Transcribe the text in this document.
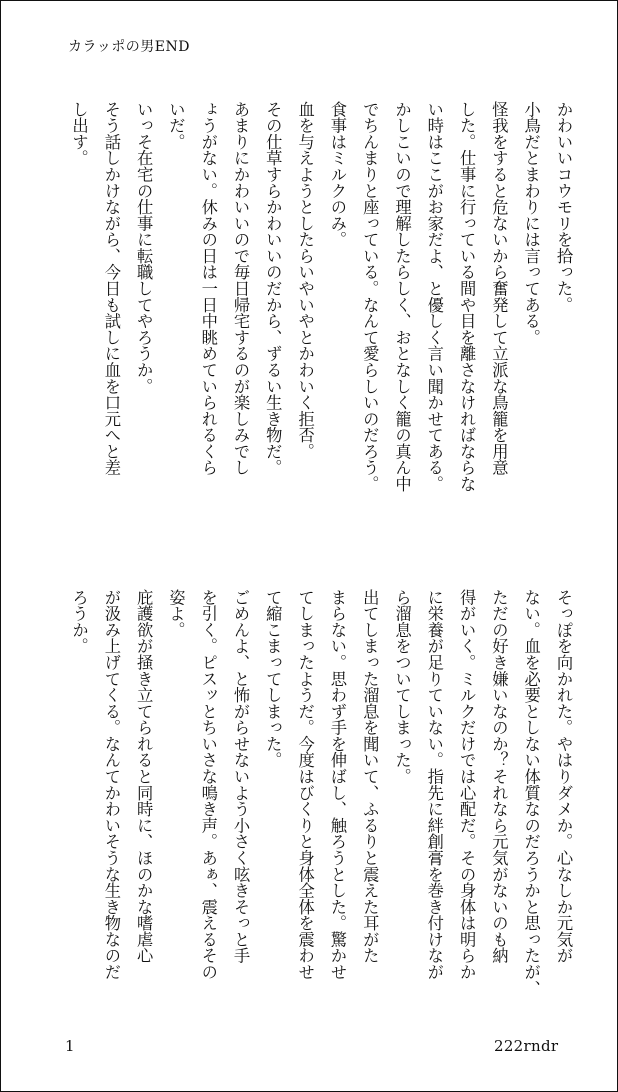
カラッポの男END

かわいいコウモリを拾った。

小鳥だとまわりには言ってある。

怪我をすると危ないから奮発して立派な鳥籠を用意

した。仕事に行っている間や目を離さなければならな

い時はここがお家だよ、と優しく言い聞かせてある。

かしこいので理解したらしく、おとなしく籠の真ん中

でちんまりと座っている。なんて愛らしいのだろう。

食事はミルクのみ。

血を与えようとしたらいやいやとかわいく拒否。

その仕草すらかわいいのだから、ずるい生き物だ。

あまりにかわいいので毎日帰宅するのが楽しみでし

ょうがない。休みの日は一日中眺めていられるくら

いだ。

いっそ在宅の仕事に転職してやろうか。

そう話しかけながら、今日も試しに血を口元へと差

し出す。

そっぽを向かれた。やはりダメか。心なしか元気が

ない。血を必要としない体質なのだろうかと思ったが、

ただの好き嫌いなのか？それなら元気がないのも納

得がいく。ミルクだけでは心配だ。その身体は明らか

に栄養が足りていない。指先に絆創膏を巻き付けなが

ら溜息をついてしまった。

出てしまった溜息を聞いて、ふるりと震えた耳がた

まらない。思わず手を伸ばし、触ろうとした。驚かせ

てしまったようだ。今度はびくりと身体全体を震わせ

て縮こまってしまった。

ごめんよ、と怖がらせないよう小さく呟きそっと手

を引く。ピスッとちいさな鳴き声。あぁ、震えるその

姿よ。

庇護欲が掻き立てられると同時に、ほのかな嗜虐心

が汲み上げてくる。なんてかわいそうな生き物なのだ

ろうか。

1	222rndr
